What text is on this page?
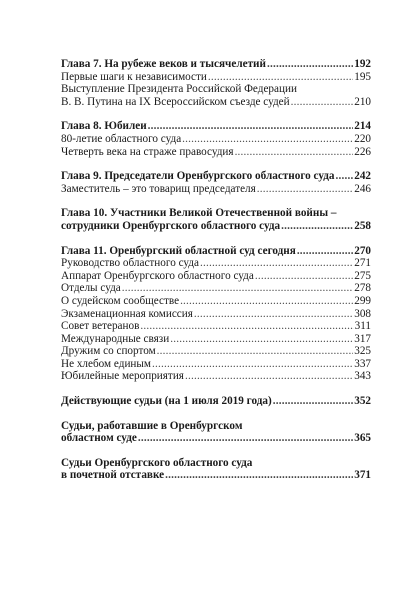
Глава 7. На рубеже веков и тысячелетий .....	192
Первые шаги к независимости .....	195
Выступление Президента Российской Федерации
В. В. Путина на IX Всероссийском съезде судей .....	210
Глава 8. Юбилеи .....	214
80-летие областного суда .....	220
Четверть века на страже правосудия .....	226
Глава 9. Председатели Оренбургского областного суда ..... 242
Заместитель – это товарищ председателя .....	246
Глава 10. Участники Великой Отечественной войны –
сотрудники Оренбургского областного суда .....	258
Глава 11. Оренбургский областной суд сегодня .....	270
Руководство областного суда .....	271
Аппарат Оренбургского областного суда .....	275
Отделы суда .....	278
О судейском сообществе .....	299
Экзаменационная комиссия .....	308
Совет ветеранов .....	311
Международные связи .....	317
Дружим со спортом .....	325
Не хлебом единым .....	337
Юбилейные мероприятия .....	343
Действующие судьи (на 1 июля 2019 года) .....	352
Судьи, работавшие в Оренбургском
областном суде .....	365
Судьи Оренбургского областного суда
в почетной отставке .....	371
